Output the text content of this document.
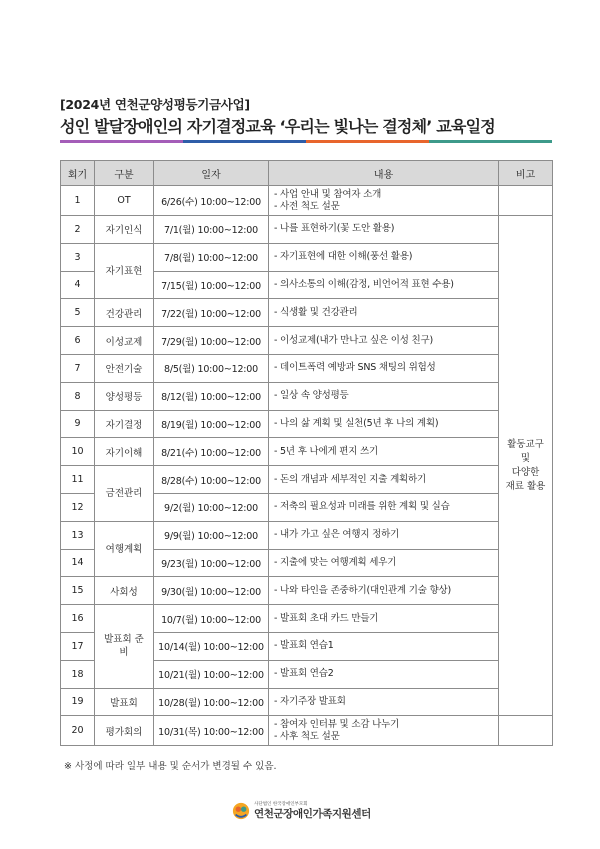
[2024년 연천군양성평등기금사업]
성인 발달장애인의 자기결정교육 ‘우리는 빛나는 결정체’ 교육일정
회기	구분	일자	내용	비고
1	OT	6/26(수) 10:00~12:00	- 사업 안내 및 참여자 소개
- 사전 척도 설문	

2	자기인식	7/1(월) 10:00~12:00	- 나를 표현하기(꽃 도안 활용)	활동교구
및
다양한
재료 활용

3	자기표현	7/8(월) 10:00~12:00	- 자기표현에 대한 이해(풍선 활용)	

4		7/15(월) 10:00~12:00	- 의사소통의 이해(감정, 비언어적 표현 수용)	

5	건강관리	7/22(월) 10:00~12:00	- 식생활 및 건강관리	

6	이성교제	7/29(월) 10:00~12:00	- 이성교제(내가 만나고 싶은 이성 친구)	

7	안전기술	8/5(월) 10:00~12:00	- 데이트폭력 예방과 SNS 채팅의 위험성	

8	양성평등	8/12(월) 10:00~12:00	- 일상 속 양성평등	

9	자기결정	8/19(월) 10:00~12:00	- 나의 삶 계획 및 실천(5년 후 나의 계획)	

10	자기이해	8/21(수) 10:00~12:00	- 5년 후 나에게 편지 쓰기	

11	금전관리	8/28(수) 10:00~12:00	- 돈의 개념과 세부적인 지출 계획하기	

12		9/2(월) 10:00~12:00	- 저축의 필요성과 미래를 위한 계획 및 실습	

13	여행계획	9/9(월) 10:00~12:00	- 내가 가고 싶은 여행지 정하기	

14		9/23(월) 10:00~12:00	- 지출에 맞는 여행계획 세우기	

15	사회성	9/30(월) 10:00~12:00	- 나와 타인을 존중하기(대인관계 기술 향상)	

16	발표회 준비	10/7(월) 10:00~12:00	- 발표회 초대 카드 만들기	

17		10/14(월) 10:00~12:00	- 발표회 연습1	

18		10/21(월) 10:00~12:00	- 발표회 연습2	

19	발표회	10/28(월) 10:00~12:00	- 자기주장 발표회	

20	평가회의	10/31(목) 10:00~12:00	- 참여자 인터뷰 및 소감 나누기
- 사후 척도 설문	

※ 사정에 따라 일부 내용 및 순서가 변경될 수 있음.
사단법인 한국장애인부모회
연천군장애인가족지원센터
